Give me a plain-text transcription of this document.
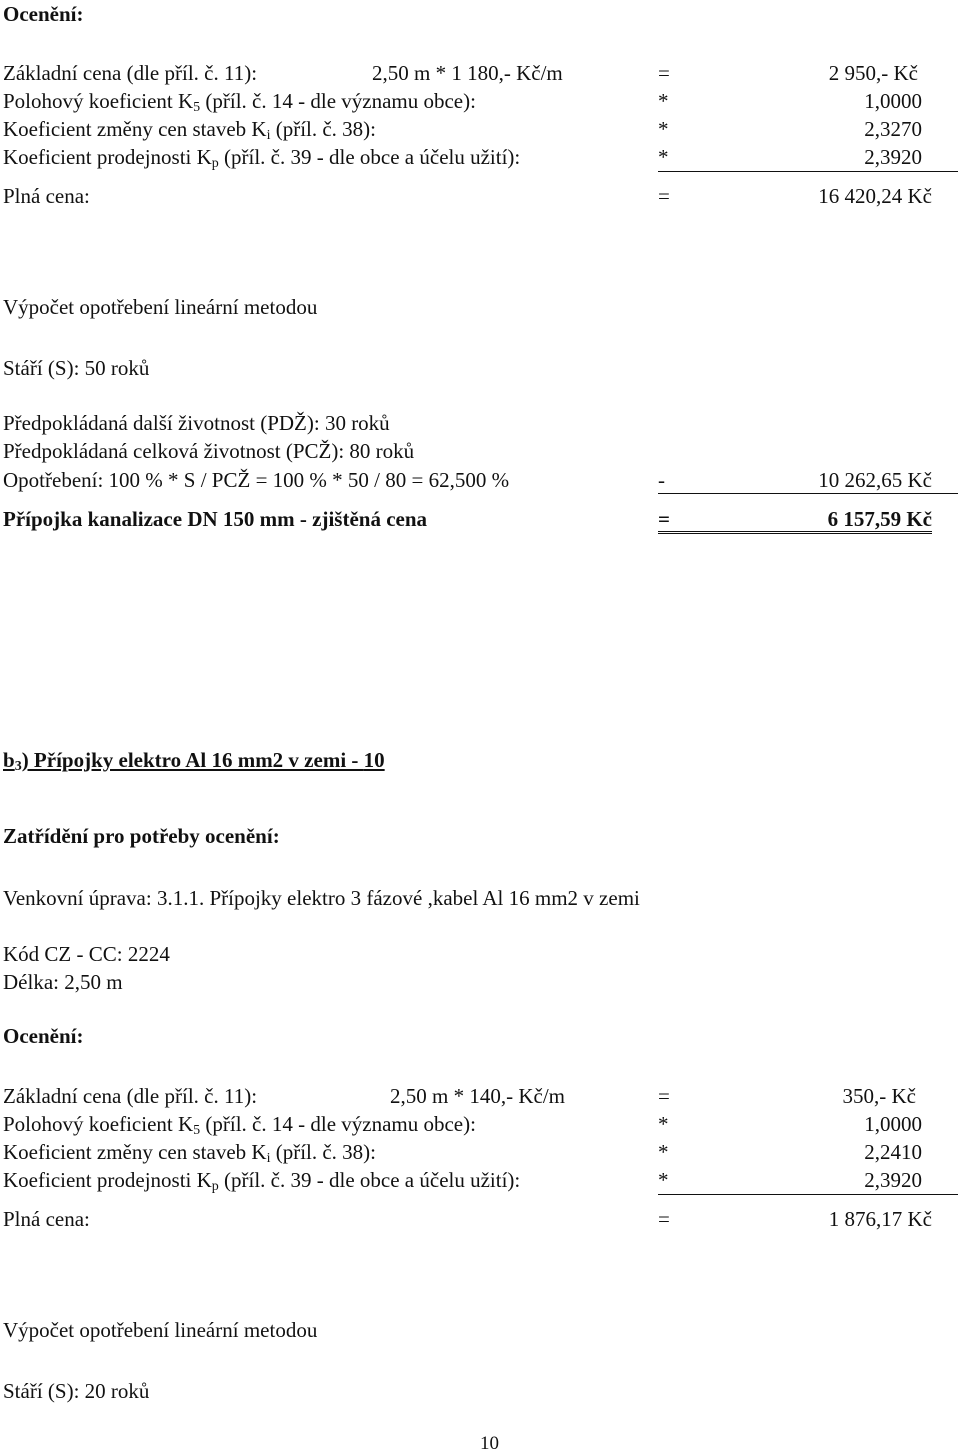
Ocenění:
Základní cena (dle příl. č. 11):	2,50 m * 1 180,- Kč/m	=	2 950,- Kč
Polohový koeficient $K_5$ (příl. č. 14 - dle významu obce):	*	1,0000
Koeficient změny cen staveb $K_i$ (příl. č. 38):	*	2,3270
Koeficient prodejnosti $K_p$ (příl. č. 39 - dle obce a účelu užití):	*	2,3920
Plná cena:	=	16 420,24 Kč
Výpočet opotřebení lineární metodou
Stáří (S): 50 roků
Předpokládaná další životnost (PDŽ): 30 roků
Předpokládaná celková životnost (PCŽ): 80 roků
Opotřebení: 100 % * S / PCŽ = 100 % * 50 / 80 = 62,500 %	-	10 262,65 Kč
Přípojka kanalizace DN 150 mm - zjištěná cena	=	6 157,59 Kč
$b_3$) Přípojky elektro Al 16 mm2 v zemi - 10
Zatřídění pro potřeby ocenění:
Venkovní úprava: 3.1.1. Přípojky elektro 3 fázové ,kabel Al 16 mm2 v zemi
Kód CZ - CC: 2224
Délka: 2,50 m
Ocenění:
Základní cena (dle příl. č. 11):	2,50 m * 140,- Kč/m	=	350,- Kč
Polohový koeficient $K_5$ (příl. č. 14 - dle významu obce):	*	1,0000
Koeficient změny cen staveb $K_i$ (příl. č. 38):	*	2,2410
Koeficient prodejnosti $K_p$ (příl. č. 39 - dle obce a účelu užití):	*	2,3920
Plná cena:	=	1 876,17 Kč
Výpočet opotřebení lineární metodou
Stáří (S): 20 roků
10
